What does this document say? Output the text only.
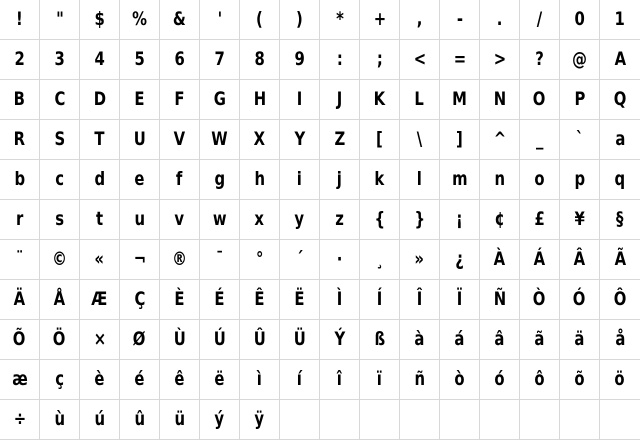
! " $ % & ' ( ) * + , - . / 0 1
2 3 4 5 6 7 8 9 : ; < = > ? @ A
B C D E F G H I J K L M N O P Q
R S T U V W X Y Z [ \ ] ^ _ ` a
b c d e f g h i j k l m n o p q
r s t u v w x y z { } ¡ ¢ £ ¥ §
¨ © « ¬ ® ¯ ° ´ · ¸ » ¿ À Á Â Ã
Ä Å Æ Ç È É Ê Ë Ì Í Î Ï Ñ Ò Ó Ô
Õ Ö × Ø Ù Ú Û Ü Ý ß à á â ã ä å
æ ç è é ê ë ì í î ï ñ ò ó ô õ ö
÷ ù ú û ü ý ÿ
